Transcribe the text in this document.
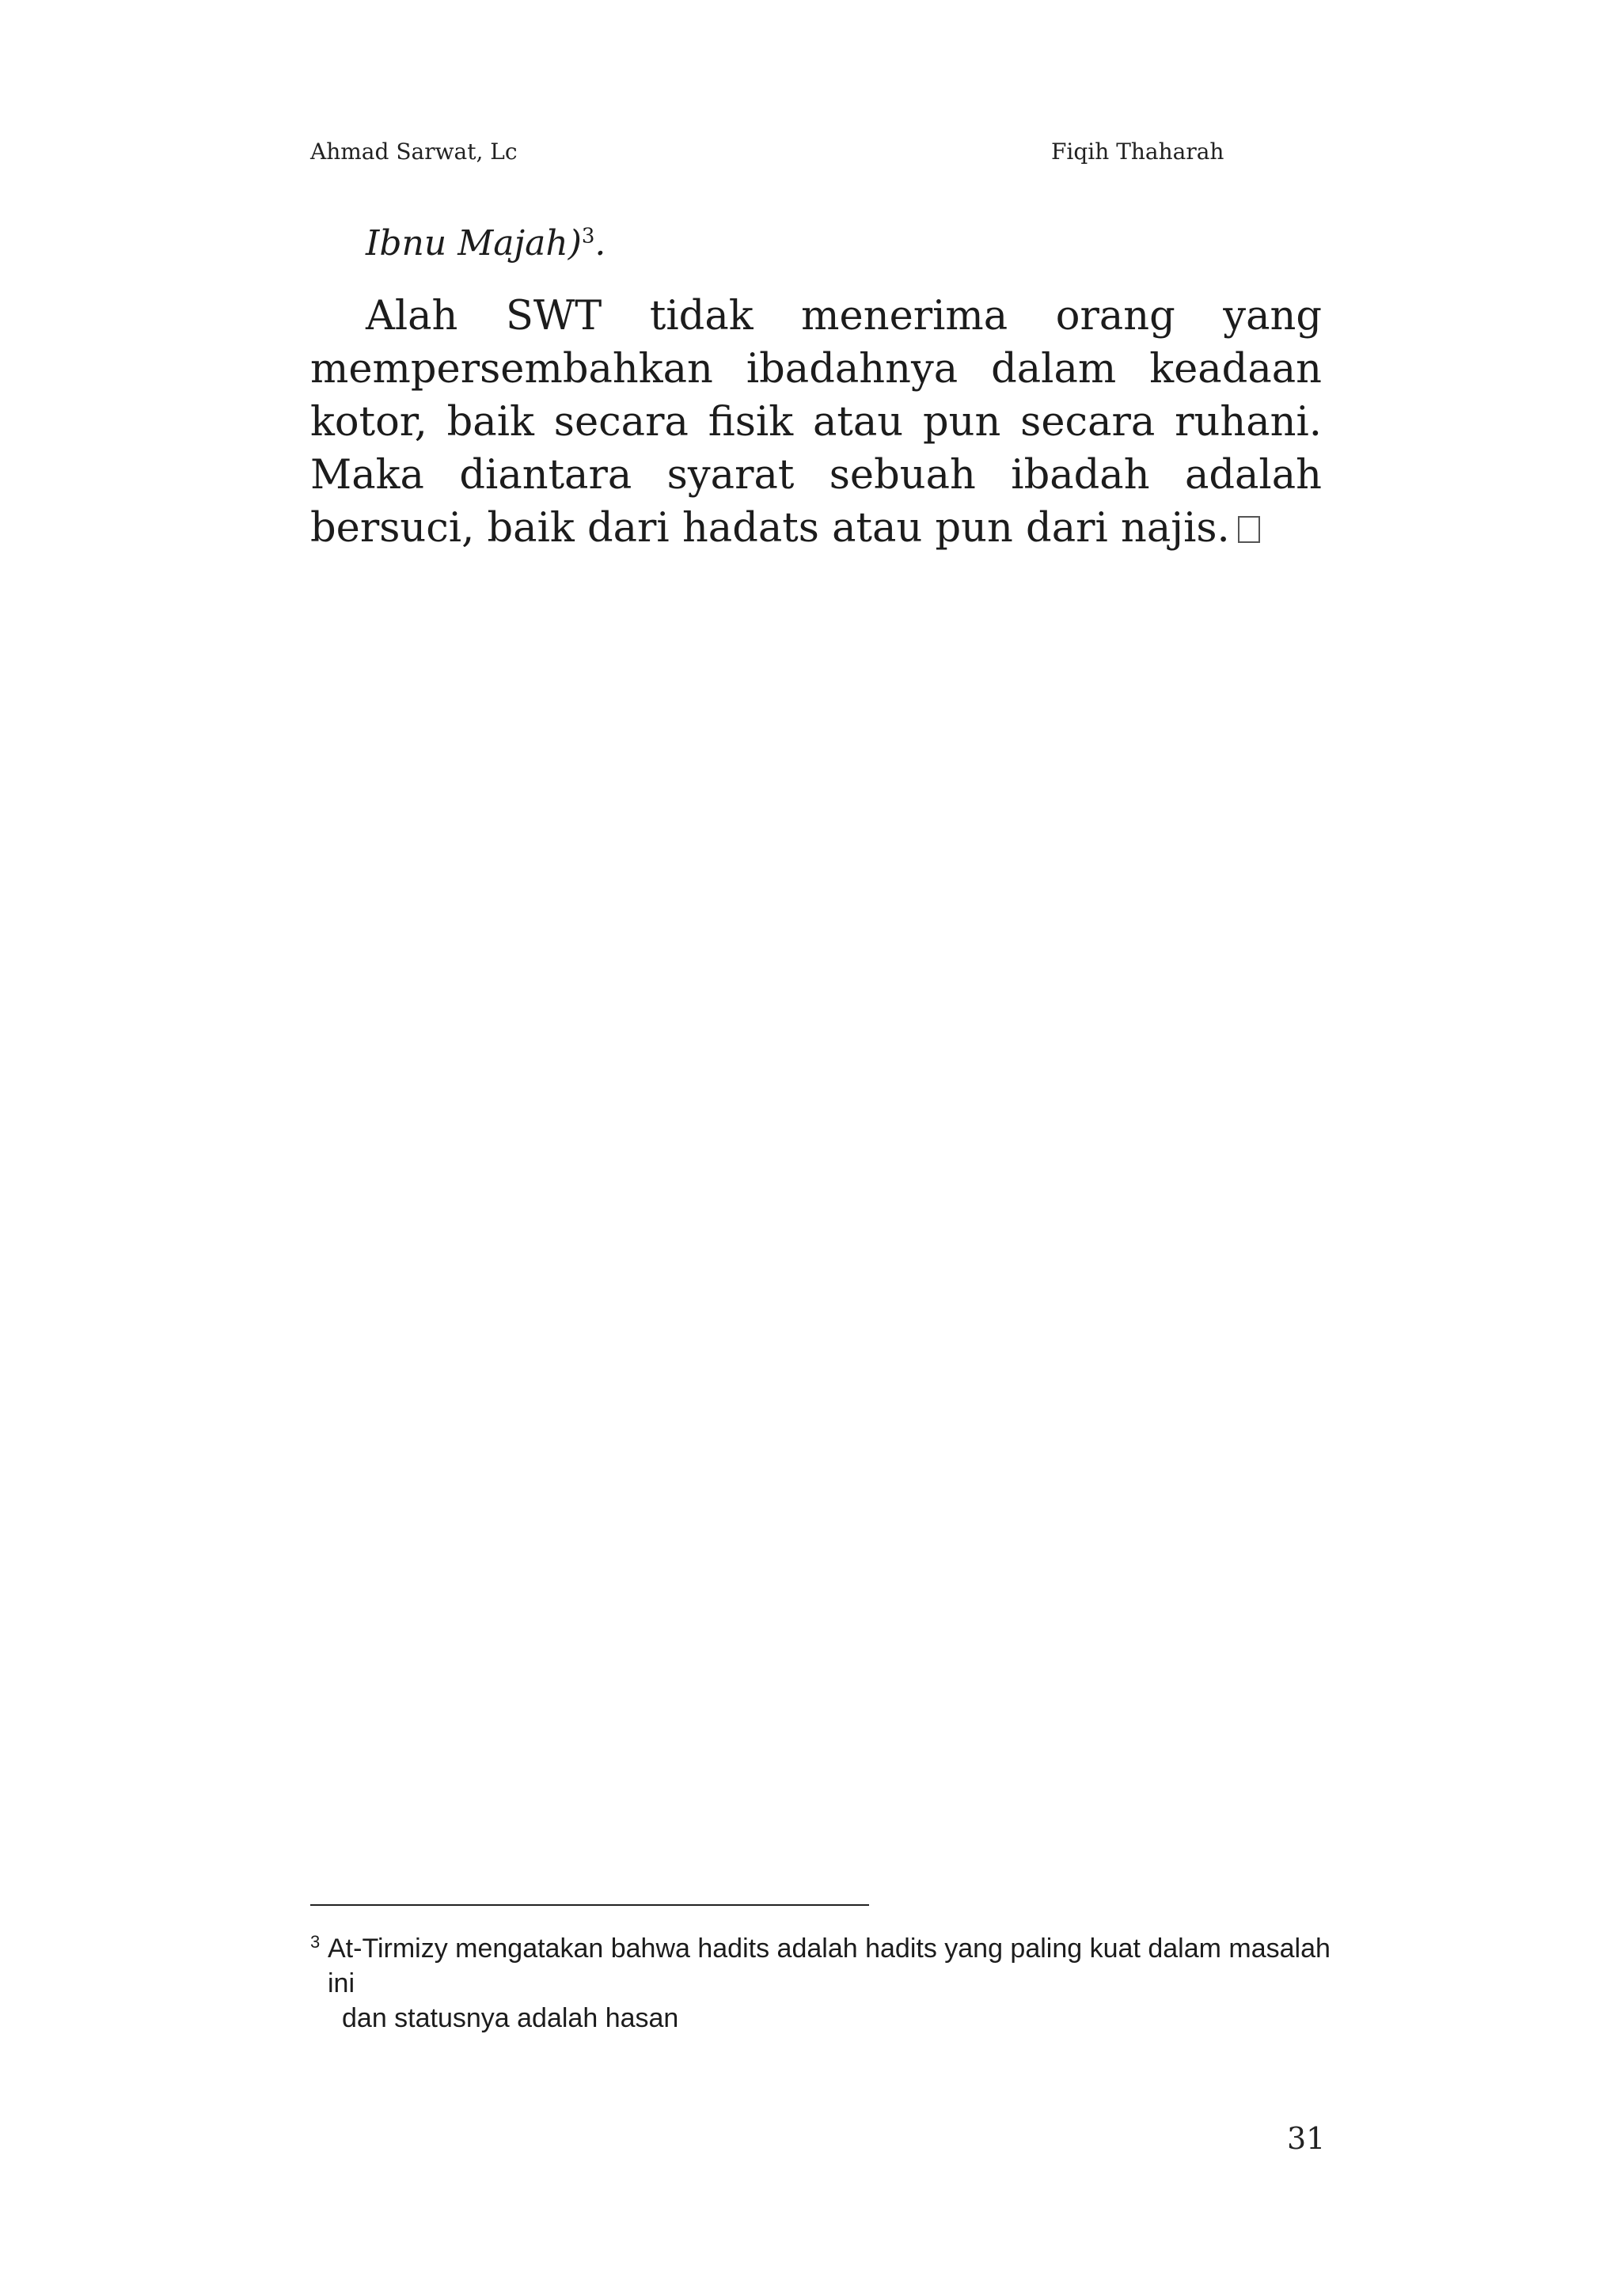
Ahmad Sarwat, Lc	Fiqih Thaharah
Ibnu Majah)$^3$.

Alah SWT tidak menerima orang yang mempersembahkan ibadahnya dalam keadaan kotor, baik secara fisik atau pun secara ruhani. Maka diantara syarat sebuah ibadah adalah bersuci, baik dari hadats atau pun dari najis.

3 At-Tirmizy mengatakan bahwa hadits adalah hadits yang paling kuat dalam masalah ini
dan statusnya adalah hasan
31
